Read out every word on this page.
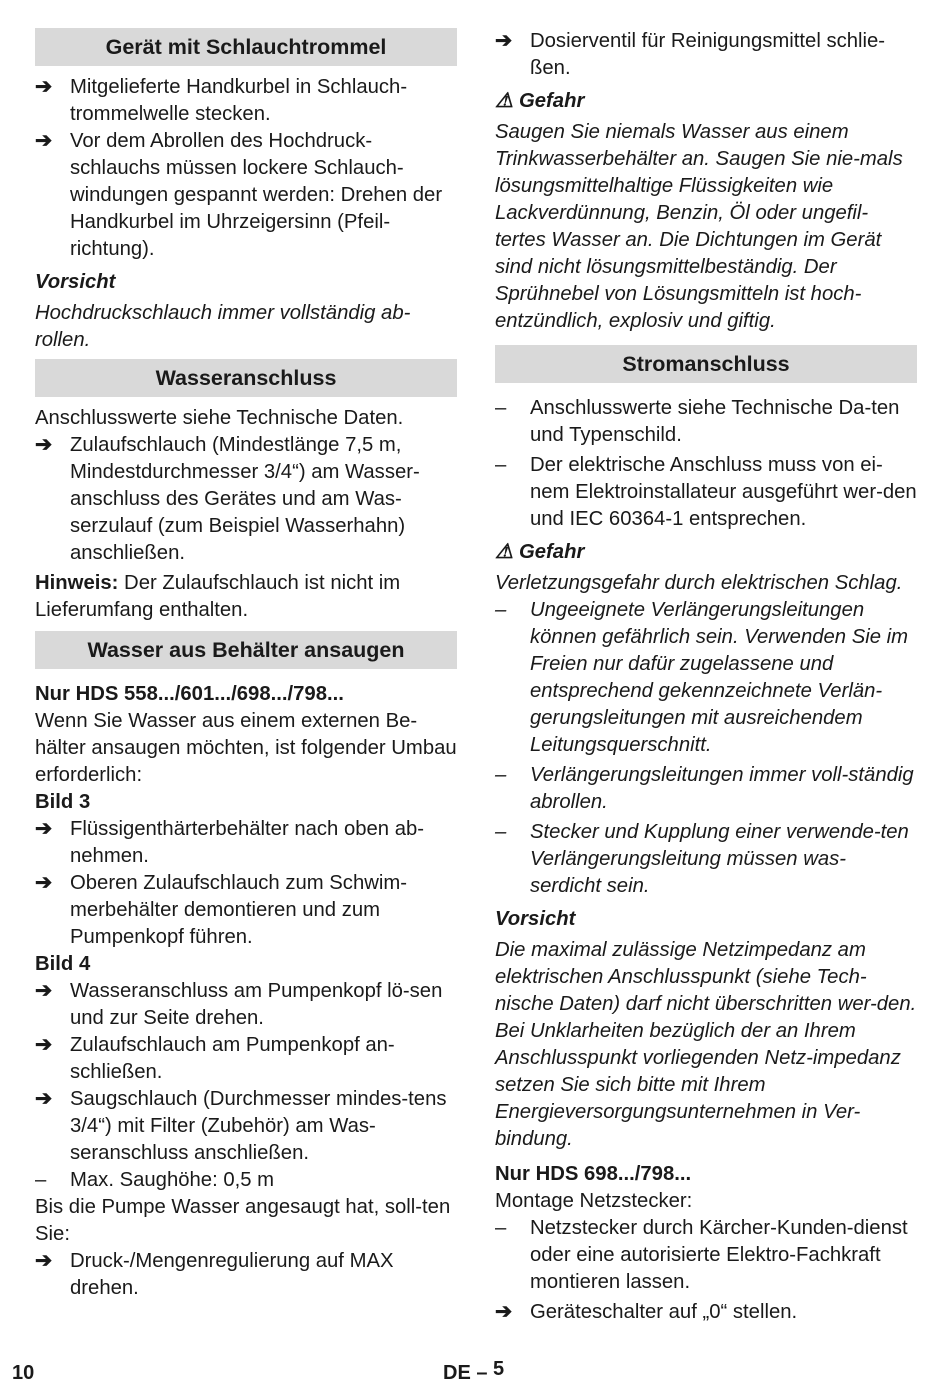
Gerät mit Schlauchtrommel
➔ Mitgelieferte Handkurbel in Schlauch-trommelwelle stecken.
➔ Vor dem Abrollen des Hochdruck-schlauchs müssen lockere Schlauch-windungen gespannt werden: Drehen der Handkurbel im Uhrzeigersinn (Pfeil-richtung).
Vorsicht
Hochdruckschlauch immer vollständig ab-rollen.
Wasseranschluss
Anschlusswerte siehe Technische Daten.
➔ Zulaufschlauch (Mindestlänge 7,5 m, Mindestdurchmesser 3/4“) am Wasser-anschluss des Gerätes und am Was-serzulauf (zum Beispiel Wasserhahn) anschließen.
Hinweis: Der Zulaufschlauch ist nicht im Lieferumfang enthalten.
Wasser aus Behälter ansaugen
Nur HDS 558.../601.../698.../798...
Wenn Sie Wasser aus einem externen Be-hälter ansaugen möchten, ist folgender Umbau erforderlich:
Bild 3
➔ Flüssigenthärterbehälter nach oben ab-nehmen.
➔ Oberen Zulaufschlauch zum Schwim-merbehälter demontieren und zum Pumpenkopf führen.
Bild 4
➔ Wasseranschluss am Pumpenkopf lö-sen und zur Seite drehen.
➔ Zulaufschlauch am Pumpenkopf an-schließen.
➔ Saugschlauch (Durchmesser mindes-tens 3/4“) mit Filter (Zubehör) am Was-seranschluss anschließen.
–	Max. Saughöhe: 0,5 m
Bis die Pumpe Wasser angesaugt hat, soll-ten Sie:
➔ Druck-/Mengenregulierung auf MAX drehen.
➔ Dosierventil für Reinigungsmittel schlie-ßen.
⚠ Gefahr
Saugen Sie niemals Wasser aus einem Trinkwasserbehälter an. Saugen Sie nie-mals lösungsmittelhaltige Flüssigkeiten wie Lackverdünnung, Benzin, Öl oder ungefil-tertes Wasser an. Die Dichtungen im Gerät sind nicht lösungsmittelbeständig. Der Sprühnebel von Lösungsmitteln ist hoch-entzündlich, explosiv und giftig.
Stromanschluss
–	Anschlusswerte siehe Technische Da-ten und Typenschild.
–	Der elektrische Anschluss muss von ei-nem Elektroinstallateur ausgeführt wer-den und IEC 60364-1 entsprechen.
⚠ Gefahr
Verletzungsgefahr durch elektrischen Schlag.
–	Ungeeignete Verlängerungsleitungen können gefährlich sein. Verwenden Sie im Freien nur dafür zugelassene und entsprechend gekennzeichnete Verlän-gerungsleitungen mit ausreichendem Leitungsquerschnitt.
–	Verlängerungsleitungen immer voll-ständig abrollen.
–	Stecker und Kupplung einer verwende-ten Verlängerungsleitung müssen was-serdicht sein.
Vorsicht
Die maximal zulässige Netzimpedanz am elektrischen Anschlusspunkt (siehe Tech-nische Daten) darf nicht überschritten wer-den. Bei Unklarheiten bezüglich der an Ihrem Anschlusspunkt vorliegenden Netz-impedanz setzen Sie sich bitte mit Ihrem Energieversorgungsunternehmen in Ver-bindung.
Nur HDS 698.../798...
Montage Netzstecker:
–	Netzstecker durch Kärcher-Kunden-dienst oder eine autorisierte Elektro-Fachkraft montieren lassen.
➔ Geräteschalter auf „0“ stellen.
10	DE – 5
